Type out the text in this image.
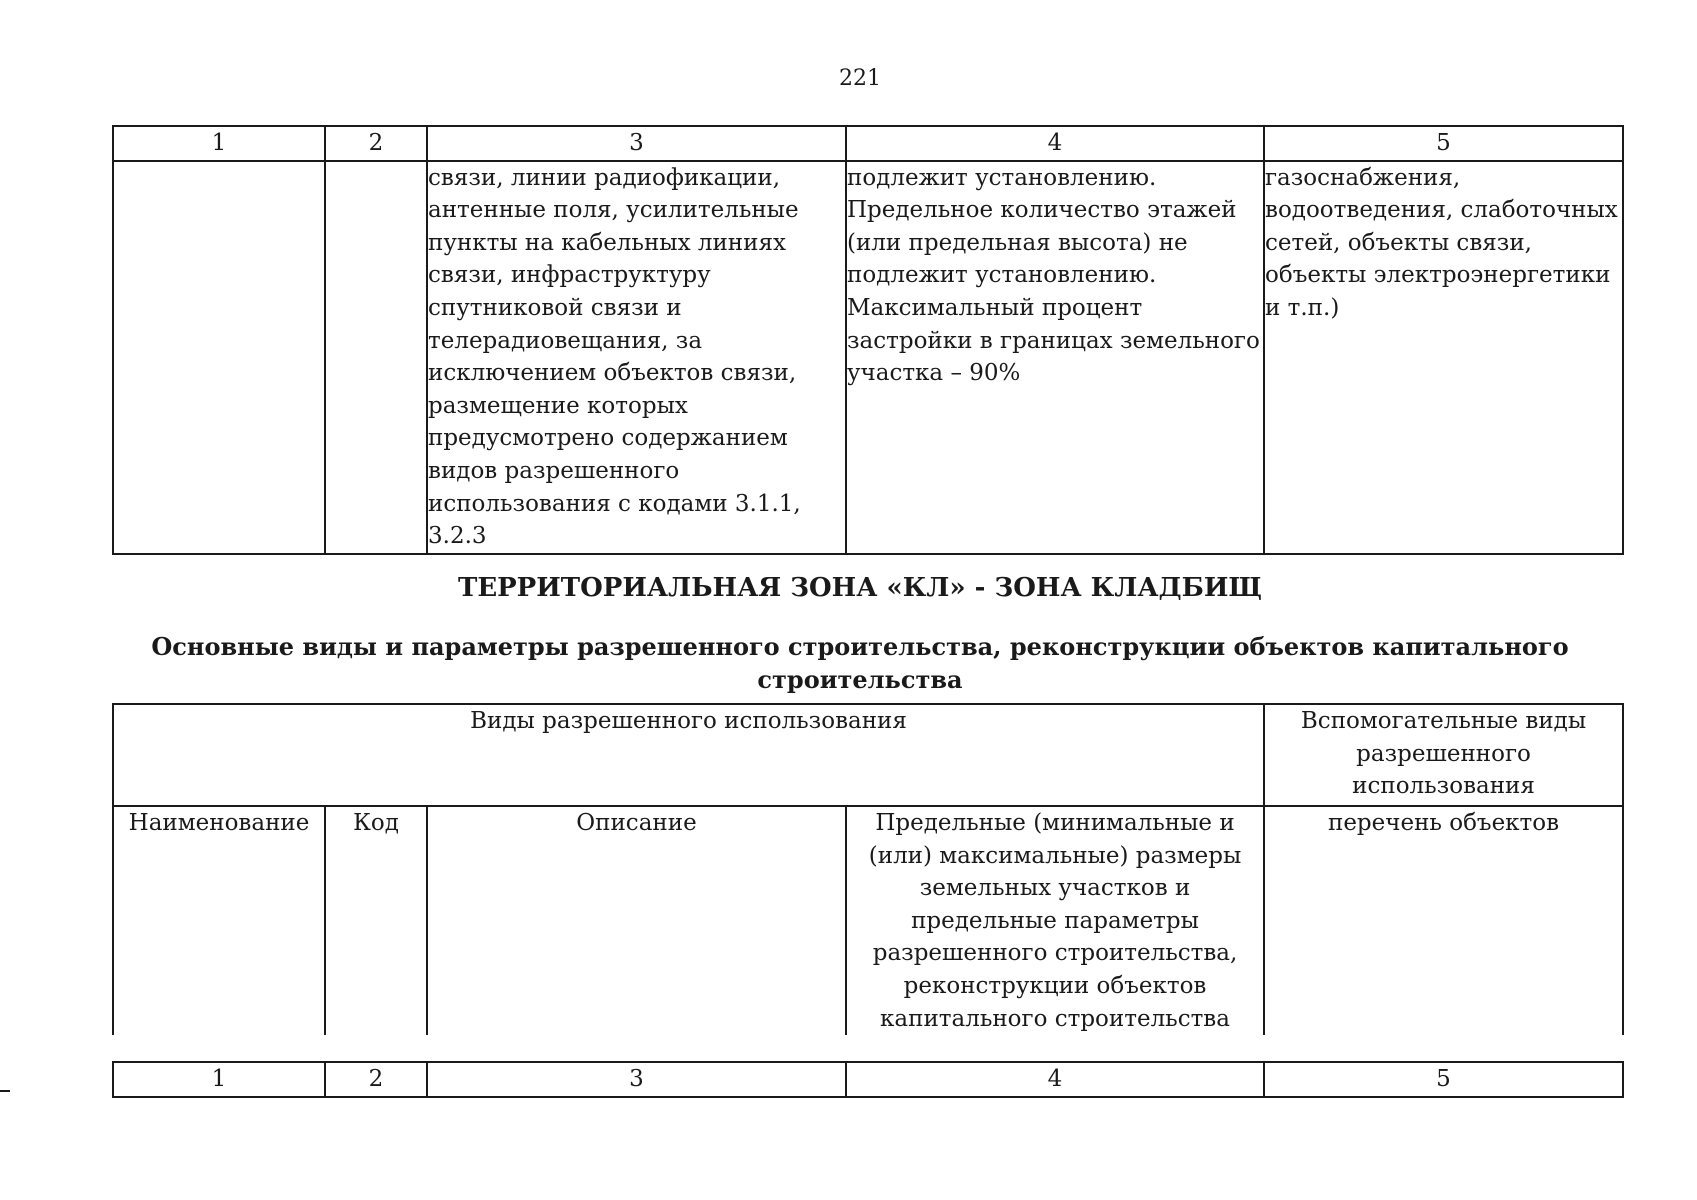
221
1	2	3	4	5
		связи, линии радиофикации, антенные поля, усилительные пункты на кабельных линиях связи, инфраструктуру спутниковой связи и телерадиовещания, за исключением объектов связи, размещение которых предусмотрено содержанием видов разрешенного использования с кодами 3.1.1, 3.2.3	подлежит установлению. Предельное количество этажей (или предельная высота) не подлежит установлению. Максимальный процент застройки в границах земельного участка – 90%	газоснабжения, водоотведения, слаботочных сетей, объекты связи, объекты электроэнергетики и т.п.)
ТЕРРИТОРИАЛЬНАЯ ЗОНА «КЛ» - ЗОНА КЛАДБИЩ
Основные виды и параметры разрешенного строительства, реконструкции объектов капитального строительства
Виды разрешенного использования				Вспомогательные виды разрешенного использования
Наименование	Код	Описание	Предельные (минимальные и (или) максимальные) размеры земельных участков и предельные параметры разрешенного строительства, реконструкции объектов капитального строительства	перечень объектов
1	2	3	4	5
